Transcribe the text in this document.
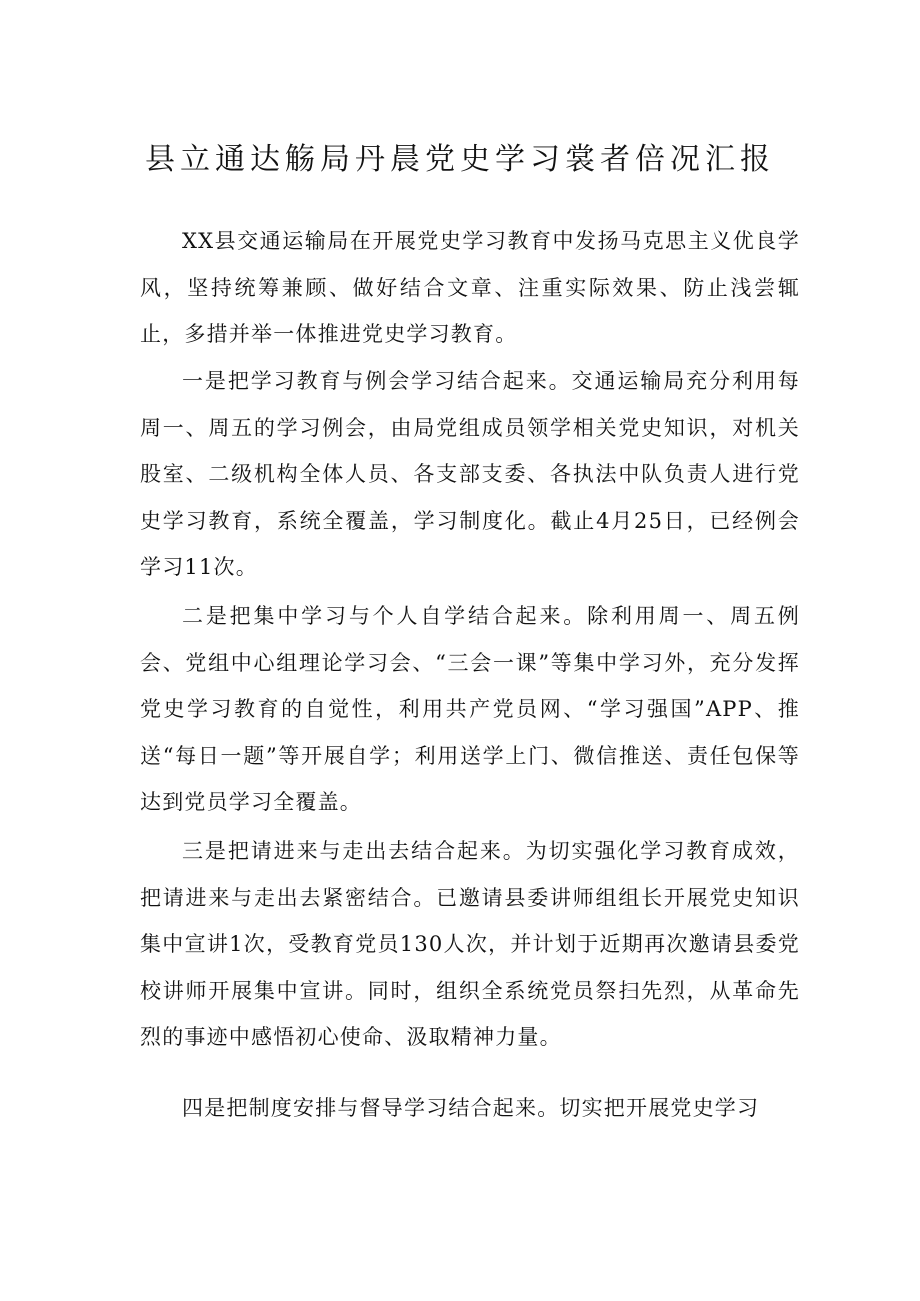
县立通达觞局丹晨党史学习裳者倍况汇报

XX县交通运输局在开展党史学习教育中发扬马克思主义优良学风，坚持统筹兼顾、做好结合文章、注重实际效果、防止浅尝辄止，多措并举一体推进党史学习教育。

一是把学习教育与例会学习结合起来。交通运输局充分利用每周一、周五的学习例会，由局党组成员领学相关党史知识，对机关股室、二级机构全体人员、各支部支委、各执法中队负责人进行党史学习教育，系统全覆盖，学习制度化。截止4月25日，已经例会学习11次。

二是把集中学习与个人自学结合起来。除利用周一、周五例会、党组中心组理论学习会、“三会一课”等集中学习外，充分发挥党史学习教育的自觉性，利用共产党员网、“学习强国”APP、推送“每日一题”等开展自学；利用送学上门、微信推送、责任包保等达到党员学习全覆盖。

三是把请进来与走出去结合起来。为切实强化学习教育成效，把请进来与走出去紧密结合。已邀请县委讲师组组长开展党史知识集中宣讲1次，受教育党员130人次，并计划于近期再次邀请县委党校讲师开展集中宣讲。同时，组织全系统党员祭扫先烈，从革命先烈的事迹中感悟初心使命、汲取精神力量。

四是把制度安排与督导学习结合起来。切实把开展党史学习
